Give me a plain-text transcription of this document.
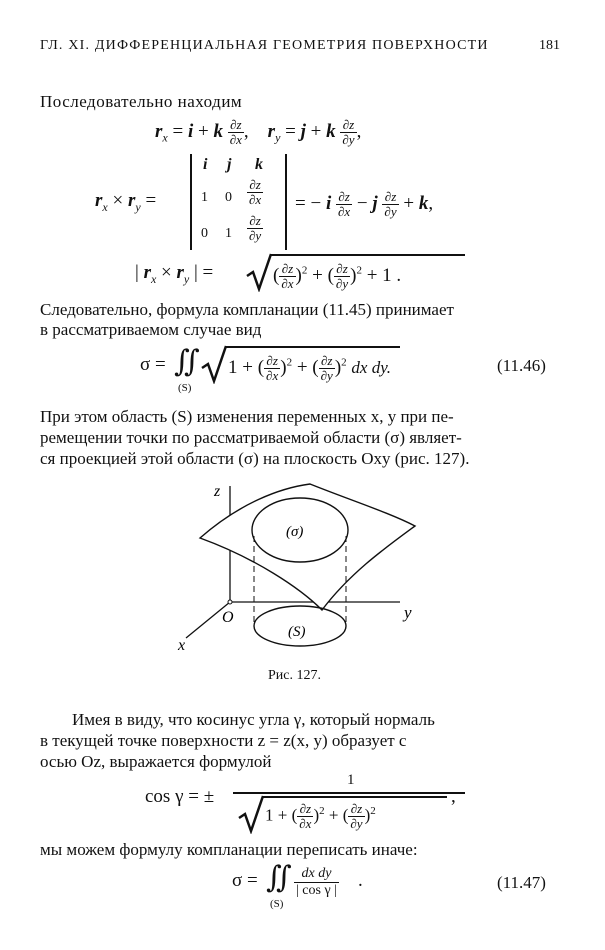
ГЛ. XI. ДИФФЕРЕНЦИАЛЬНАЯ ГЕОМЕТРИЯ ПОВЕРХНОСТИ	181
Последовательно находим
$r_x = i + k \frac{\partial z}{\partial x}$ ,    $r_y = j + k \frac{\partial z}{\partial y}$ ,
$r_x \times r_y$ =
i j k
1 $0 \frac{\partial z}{\partial x}$
0 $1 \frac{\partial z}{\partial y}$
= − i $\frac{\partial z}{\partial x} - j \frac{\partial z}{\partial y} + k$,
| $r_x \times r_y$ | =	( $\frac{\partial z}{\partial x} )^2$ + ( $\frac{\partial z}{\partial y} )^2 + 1$ .
Следовательно, формула компланации (11.45) принимает
в рассматриваемом случае вид
σ = ∬
(S)
1 + ( $\frac{\partial z}{\partial x} )^2$ + ( $\frac{\partial z}{\partial y} )^2$ dx dy.	(11.46)
При этом область (S) изменения переменных x, y при пе-
ремещении точки по рассматриваемой области (σ) являет-
ся проекцией этой области (σ) на плоскость Oxy (рис. 127).
z
y
x
O
(σ)
(S)
Рис. 127.
Имея в виду, что косинус угла γ, который нормаль
в текущей точке поверхности z = z(x, y) образует с
осью Oz, выражается формулой
cos γ = ±
1
1 + ( $\frac{\partial z}{\partial x} )^2$ + ( $\frac{\partial z}{\partial y} )^2$
,
мы можем формулу компланации переписать иначе:
σ = ∬
(S)
$\frac{\text{dx dy}}{\text{| cos γ |}}$ .	(11.47)
